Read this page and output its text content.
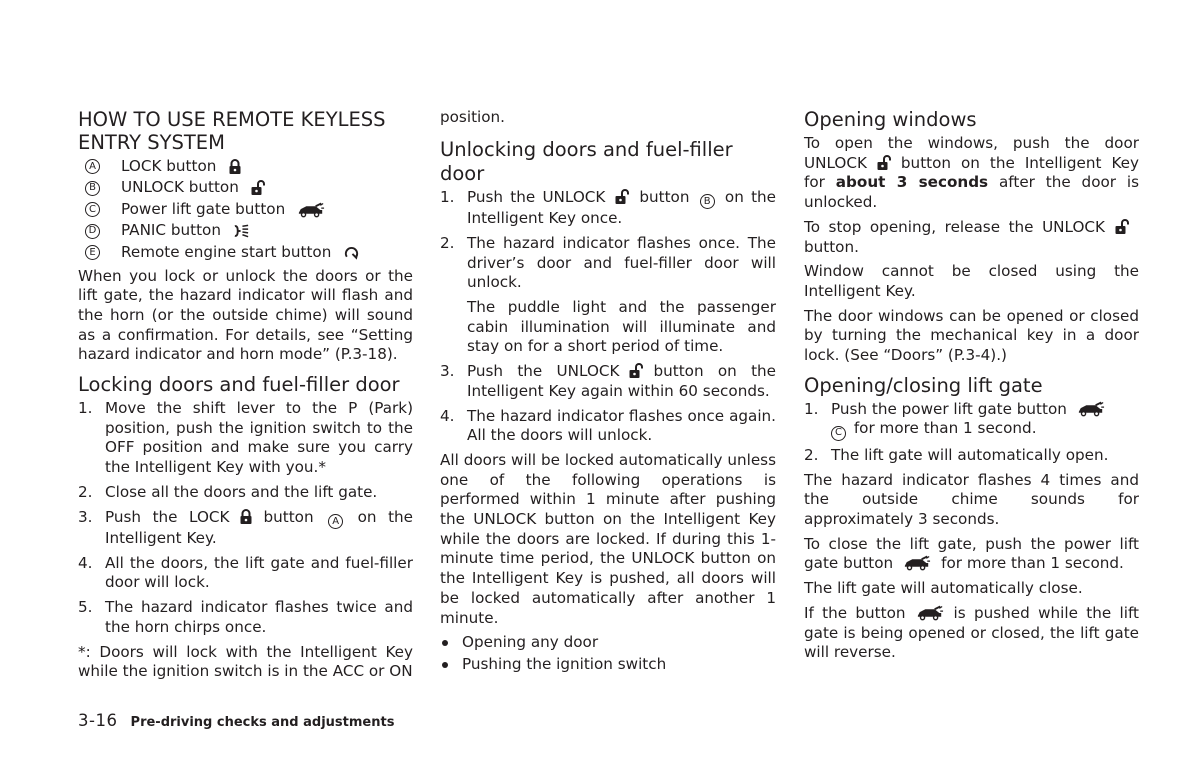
HOW TO USE REMOTE KEYLESS ENTRY SYSTEM
A LOCK button
B UNLOCK button
C Power lift gate button
D PANIC button
E Remote engine start button

When you lock or unlock the doors or the lift gate, the hazard indicator will flash and the horn (or the outside chime) will sound as a confirmation. For details, see “Setting hazard indicator and horn mode” (P.3-18).

Locking doors and fuel-filler door
1. Move the shift lever to the P (Park) position, push the ignition switch to the OFF position and make sure you carry the Intelligent Key with you.*

2. Close all the doors and the lift gate.

3. Push the LOCK button A on the Intelligent Key.

4. All the doors, the lift gate and fuel-filler door will lock.

5. The hazard indicator flashes twice and the horn chirps once.

*: Doors will lock with the Intelligent Key while the ignition switch is in the ACC or ON

position.

Unlocking doors and fuel-filler door
1. Push the UNLOCK button B on the Intelligent Key once.

2. The hazard indicator flashes once. The driver’s door and fuel-filler door will unlock.

The puddle light and the passenger cabin illumination will illuminate and stay on for a short period of time.

3. Push the UNLOCK button on the Intelligent Key again within 60 seconds.

4. The hazard indicator flashes once again. All the doors will unlock.

All doors will be locked automatically unless one of the following operations is performed within 1 minute after pushing the UNLOCK button on the Intelligent Key while the doors are locked. If during this 1-minute time period, the UNLOCK button on the Intelligent Key is pushed, all doors will be locked automatically after another 1 minute.

Opening any door
Pushing the ignition switch
Opening windows

To open the windows, push the door UNLOCK button on the Intelligent Key for about 3 seconds after the door is unlocked.

To stop opening, release the UNLOCKbutton.

Window cannot be closed using the Intelligent Key.

The door windows can be opened or closed by turning the mechanical key in a door lock. (See “Doors” (P.3-4).)

Opening/closing lift gate
1. Push the power lift gate button
C for more than 1 second.

2. The lift gate will automatically open.

The hazard indicator flashes 4 times and the outside chime sounds for approximately 3 seconds.

To close the lift gate, push the power lift gate button	for more than 1 second.

The lift gate will automatically close.

If the button	is pushed while the lift gate is being opened or closed, the lift gate will reverse.

3-16 Pre-driving checks and adjustments
